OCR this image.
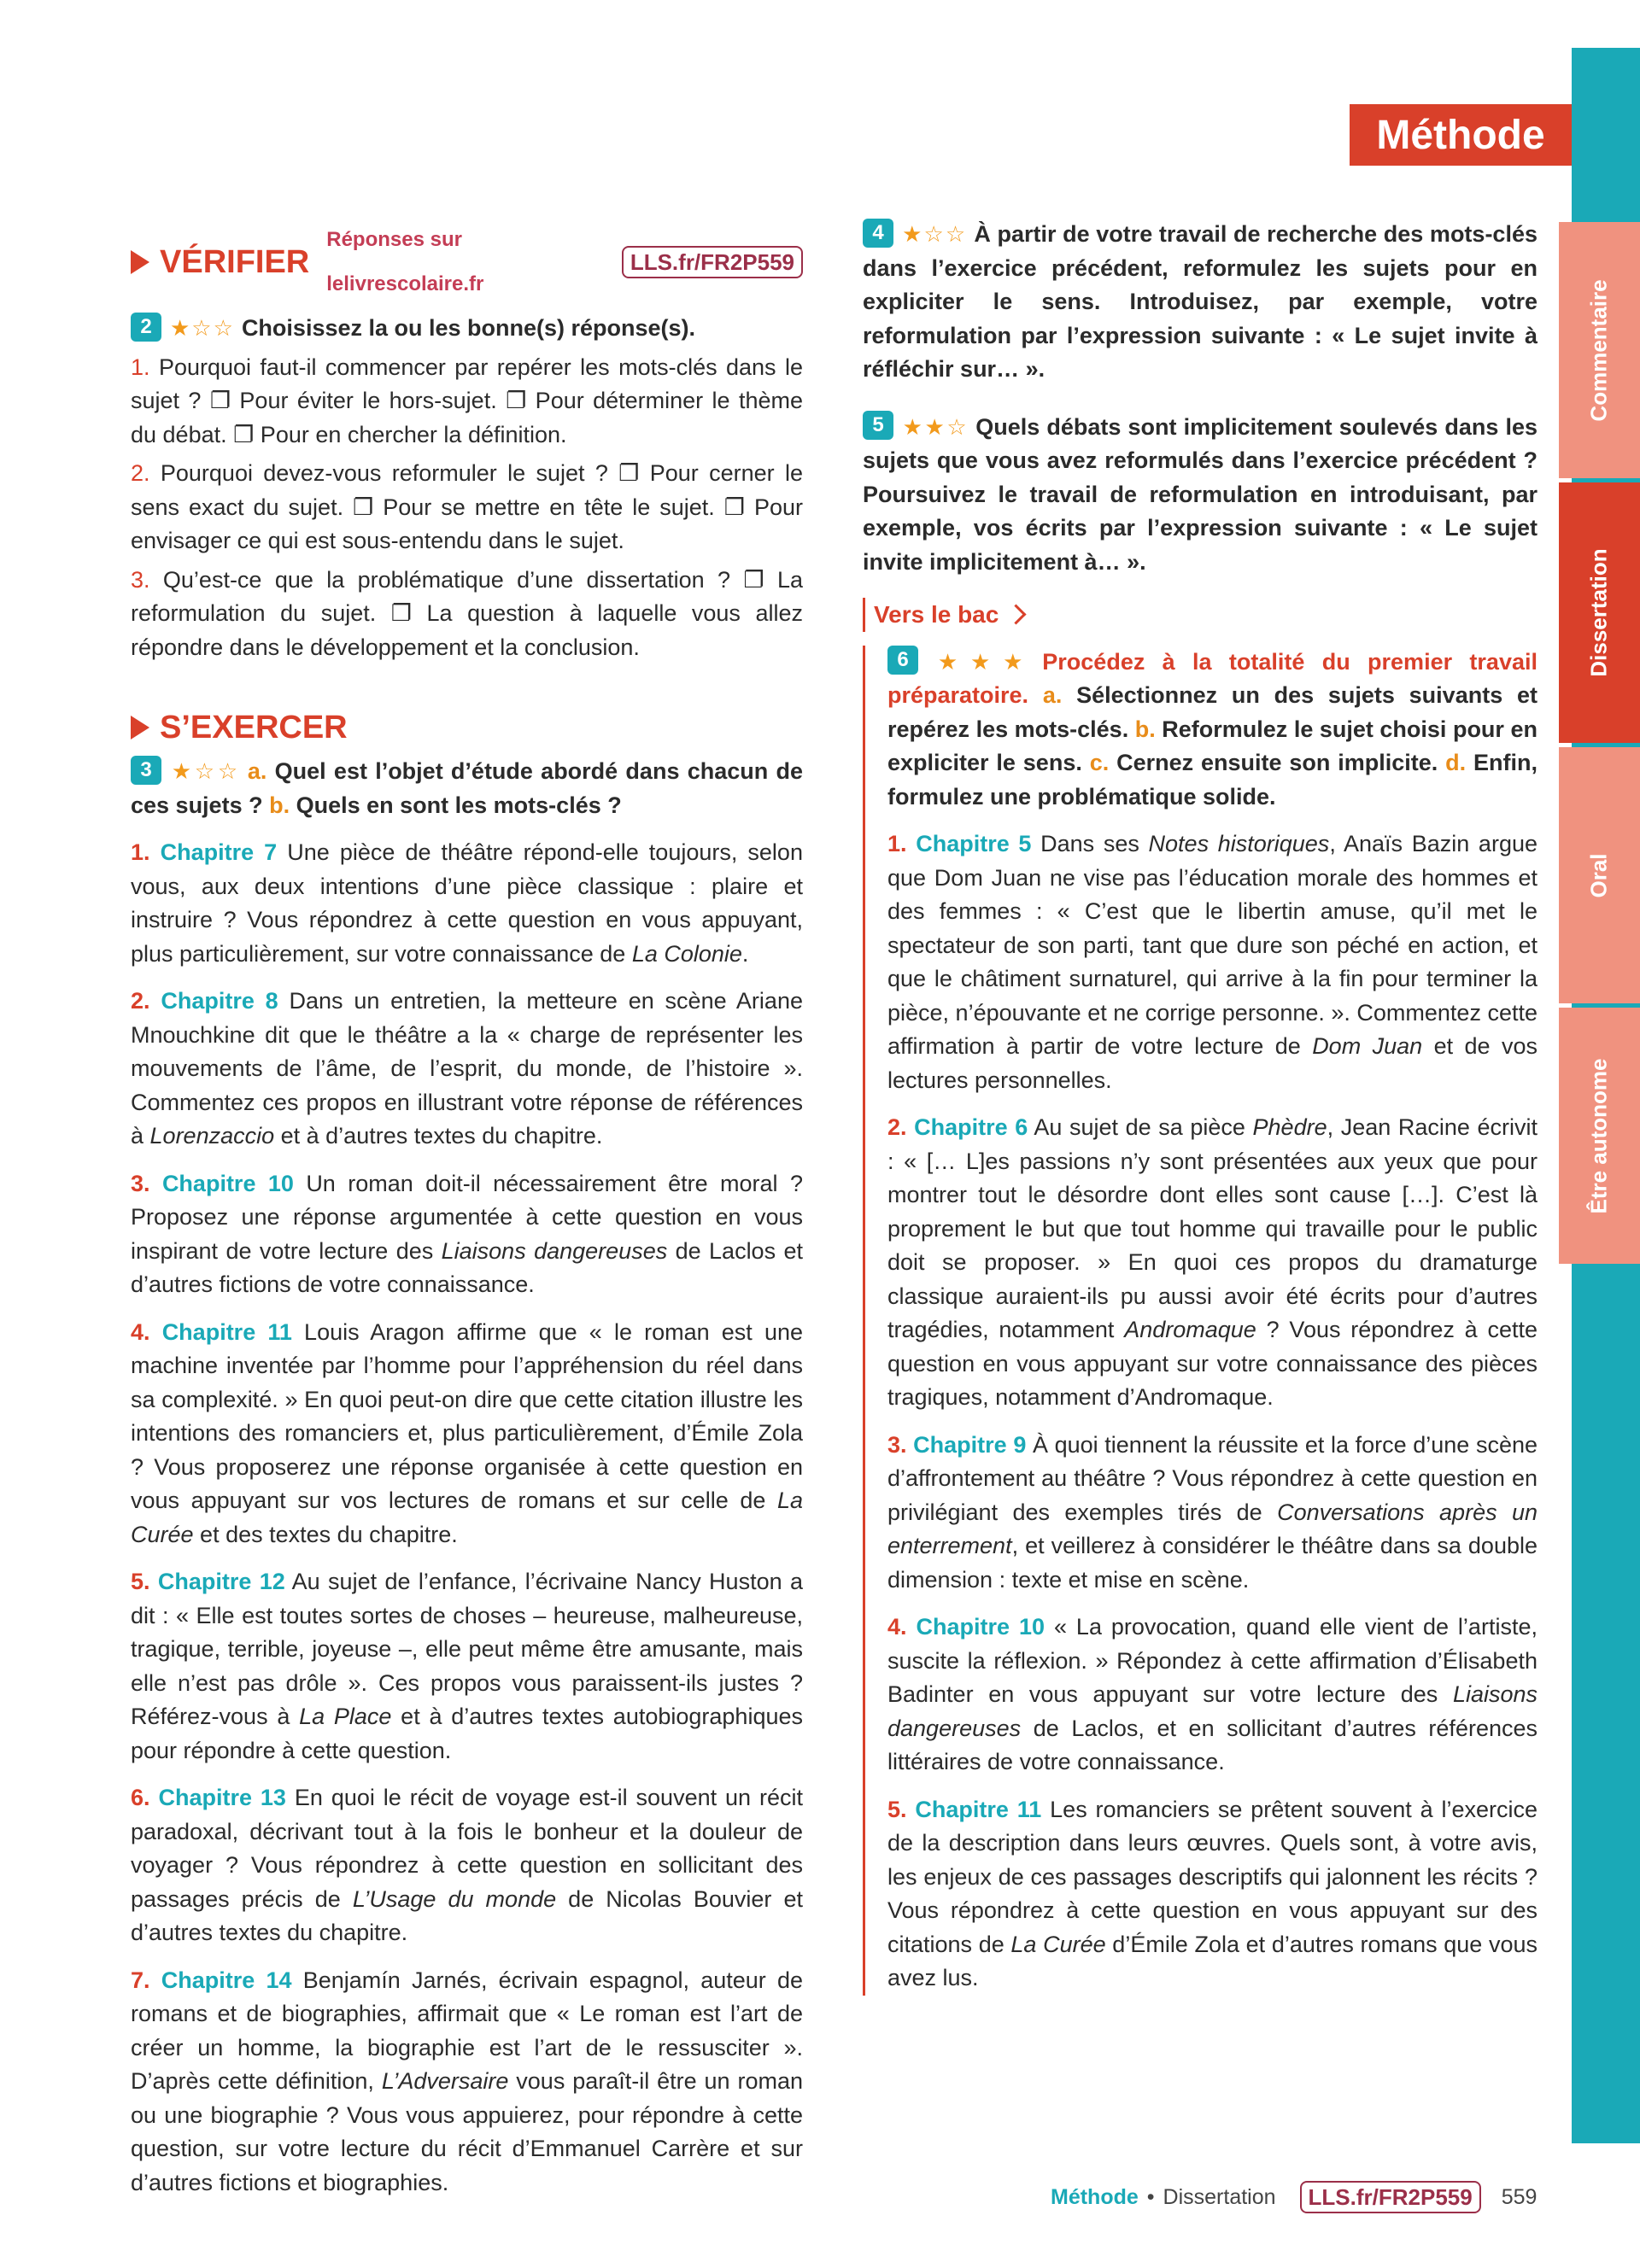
Méthode
Commentaire
Dissertation
Oral
Être autonome
VÉRIFIER
Réponses sur lelivrescolaire.fr
LLS.fr/FR2P559

2 ★☆☆ Choisissez la ou les bonne(s) réponse(s).

1. Pourquoi faut-il commencer par repérer les mots-clés dans le sujet ? ❐ Pour éviter le hors-sujet. ❐ Pour déterminer le thème du débat. ❐ Pour en chercher la définition.

2. Pourquoi devez-vous reformuler le sujet ? ❐ Pour cerner le sens exact du sujet. ❐ Pour se mettre en tête le sujet. ❐ Pour envisager ce qui est sous-entendu dans le sujet.

3. Qu’est-ce que la problématique d’une dissertation ? ❐ La reformulation du sujet. ❐ La question à laquelle vous allez répondre dans le développement et la conclusion.

S’EXERCER

3 ★☆☆ a. Quel est l’objet d’étude abordé dans chacun de ces sujets ? b. Quels en sont les mots-clés ?

1. Chapitre 7 Une pièce de théâtre répond-elle toujours, selon vous, aux deux intentions d’une pièce classique : plaire et instruire ? Vous répondrez à cette question en vous appuyant, plus particulièrement, sur votre connaissance de La Colonie.

2. Chapitre 8 Dans un entretien, la metteure en scène Ariane Mnouchkine dit que le théâtre a la « charge de représenter les mouvements de l’âme, de l’esprit, du monde, de l’histoire ». Commentez ces propos en illustrant votre réponse de références à Lorenzaccio et à d’autres textes du chapitre.

3. Chapitre 10 Un roman doit-il nécessairement être moral ? Proposez une réponse argumentée à cette question en vous inspirant de votre lecture des Liaisons dangereuses de Laclos et d’autres fictions de votre connaissance.

4. Chapitre 11 Louis Aragon affirme que « le roman est une machine inventée par l’homme pour l’appréhension du réel dans sa complexité. » En quoi peut-on dire que cette citation illustre les intentions des romanciers et, plus particulièrement, d’Émile Zola ? Vous proposerez une réponse organisée à cette question en vous appuyant sur vos lectures de romans et sur celle de La Curée et des textes du chapitre.

5. Chapitre 12 Au sujet de l’enfance, l’écrivaine Nancy Huston a dit : « Elle est toutes sortes de choses – heureuse, malheureuse, tragique, terrible, joyeuse –, elle peut même être amusante, mais elle n’est pas drôle ». Ces propos vous paraissent-ils justes ? Référez-vous à La Place et à d’autres textes autobiographiques pour répondre à cette question.

6. Chapitre 13 En quoi le récit de voyage est-il souvent un récit paradoxal, décrivant tout à la fois le bonheur et la douleur de voyager ? Vous répondrez à cette question en sollicitant des passages précis de L’Usage du monde de Nicolas Bouvier et d’autres textes du chapitre.

7. Chapitre 14 Benjamín Jarnés, écrivain espagnol, auteur de romans et de biographies, affirmait que « Le roman est l’art de créer un homme, la biographie est l’art de le ressusciter ». D’après cette définition, L’Adversaire vous paraît-il être un roman ou une biographie ? Vous vous appuierez, pour répondre à cette question, sur votre lecture du récit d’Emmanuel Carrère et sur d’autres fictions et biographies.

4 ★☆☆ À partir de votre travail de recherche des mots-clés dans l’exercice précédent, reformulez les sujets pour en expliciter le sens. Introduisez, par exemple, votre reformulation par l’expression suivante : « Le sujet invite à réfléchir sur… ».

5 ★★☆ Quels débats sont implicitement soulevés dans les sujets que vous avez reformulés dans l’exercice précédent ? Poursuivez le travail de reformulation en introduisant, par exemple, vos écrits par l’expression suivante : « Le sujet invite implicitement à… ».

Vers le bac

6 ★★★ Procédez à la totalité du premier travail préparatoire. a. Sélectionnez un des sujets suivants et repérez les mots-clés. b. Reformulez le sujet choisi pour en expliciter le sens. c. Cernez ensuite son implicite. d. Enfin, formulez une problématique solide.

1. Chapitre 5 Dans ses Notes historiques, Anaïs Bazin argue que Dom Juan ne vise pas l’éducation morale des hommes et des femmes : « C’est que le libertin amuse, qu’il met le spectateur de son parti, tant que dure son péché en action, et que le châtiment surnaturel, qui arrive à la fin pour terminer la pièce, n’épouvante et ne corrige personne. ». Commentez cette affirmation à partir de votre lecture de Dom Juan et de vos lectures personnelles.

2. Chapitre 6 Au sujet de sa pièce Phèdre, Jean Racine écrivit : « [… L]es passions n’y sont présentées aux yeux que pour montrer tout le désordre dont elles sont cause […]. C’est là proprement le but que tout homme qui travaille pour le public doit se proposer. » En quoi ces propos du dramaturge classique auraient-ils pu aussi avoir été écrits pour d’autres tragédies, notamment Andromaque ? Vous répondrez à cette question en vous appuyant sur votre connaissance des pièces tragiques, notamment d’Andromaque.

3. Chapitre 9 À quoi tiennent la réussite et la force d’une scène d’affrontement au théâtre ? Vous répondrez à cette question en privilégiant des exemples tirés de Conversations après un enterrement, et veillerez à considérer le théâtre dans sa double dimension : texte et mise en scène.

4. Chapitre 10 « La provocation, quand elle vient de l’artiste, suscite la réflexion. » Répondez à cette affirmation d’Élisabeth Badinter en vous appuyant sur votre lecture des Liaisons dangereuses de Laclos, et en sollicitant d’autres références littéraires de votre connaissance.

5. Chapitre 11 Les romanciers se prêtent souvent à l’exercice de la description dans leurs œuvres. Quels sont, à votre avis, les enjeux de ces passages descriptifs qui jalonnent les récits ? Vous répondrez à cette question en vous appuyant sur des citations de La Curée d’Émile Zola et d’autres romans que vous avez lus.

Méthode • Dissertation	LLS.fr/FR2P559	559
